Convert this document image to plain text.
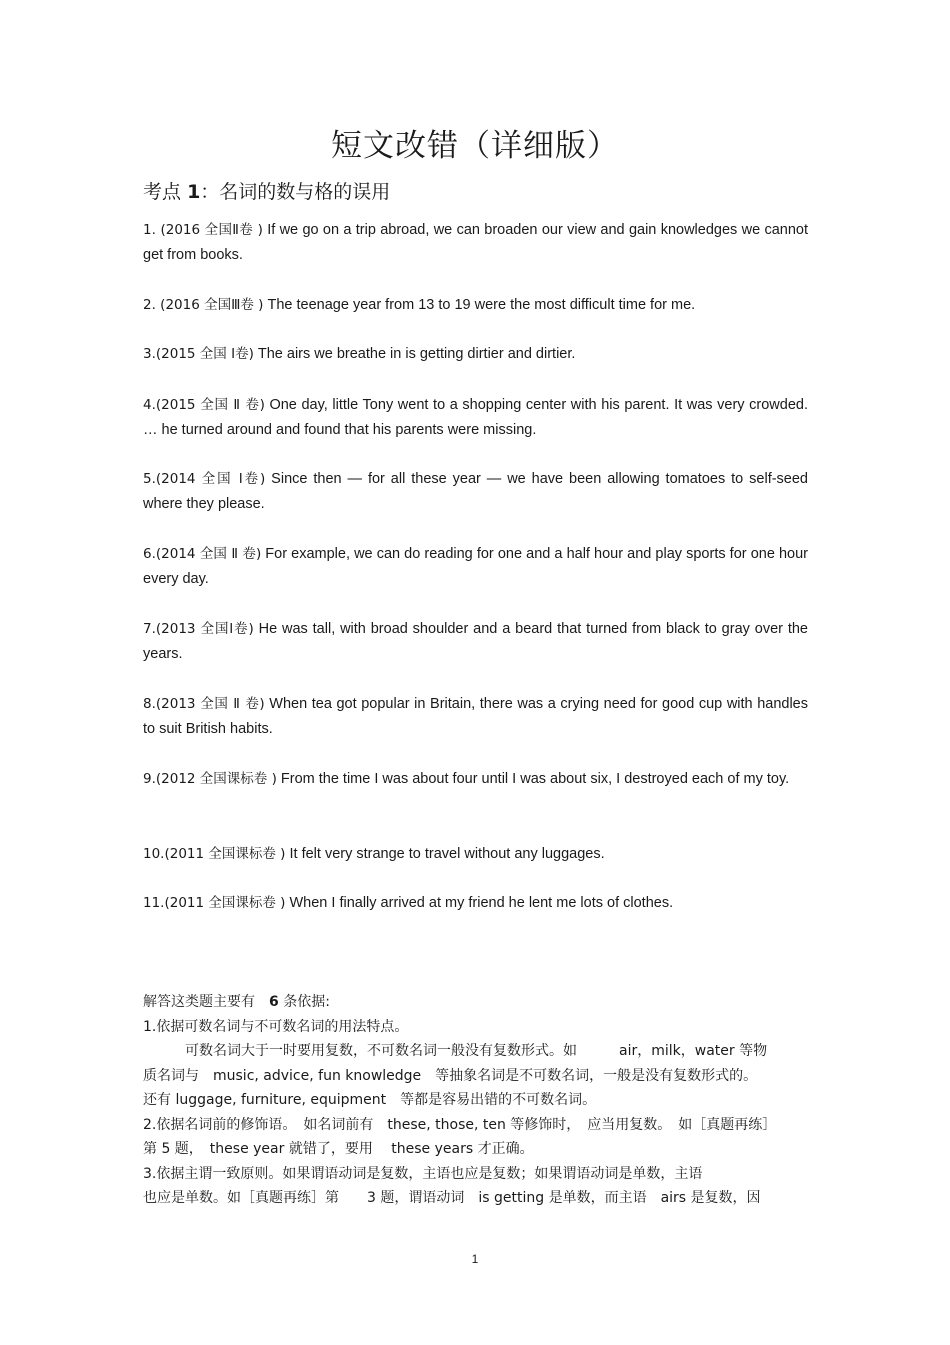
短文改错（详细版）
考点 1：名词的数与格的误用
1. (2016 全国Ⅱ卷 ) If we go on a trip abroad, we can broaden our view and gain knowledges we cannot get from books.
2. (2016 全国Ⅲ卷 ) The teenage year from 13 to 19 were the most difficult time for me.
3.(2015 全国 Ⅰ卷) The airs we breathe in is getting dirtier and dirtier.
4.(2015 全国 Ⅱ 卷) One day, little Tony went to a shopping center with his parent. It was very crowded. … he turned around and found that his parents were missing.
5.(2014 全国 Ⅰ卷) Since then — for all these year — we have been allowing tomatoes to self-seed where they please.
6.(2014 全国 Ⅱ 卷) For example, we can do reading for one and a half hour and play sports for one hour every day.
7.(2013 全国Ⅰ卷) He was tall, with broad shoulder and a beard that turned from black to gray over the years.
8.(2013 全国 Ⅱ 卷) When tea got popular in Britain, there was a crying need for good cup with handles to suit British habits.
9.(2012 全国课标卷 ) From the time I was about four until I was about six, I destroyed each of my toy.
10.(2011 全国课标卷 ) It felt very strange to travel without any luggages.
11.(2011 全国课标卷 ) When I finally arrived at my friend he lent me lots of clothes.
解答这类题主要有　 6 条依据:
1.依据可数名词与不可数名词的用法特点。
可数名词大于一时要用复数，不可数名词一般没有复数形式。如　　　air，milk，water 等物
质名词与　music, advice, fun knowledge　等抽象名词是不可数名词，一般是没有复数形式的。
还有 luggage, furniture, equipment　等都是容易出错的不可数名词。
2.依据名词前的修饰语。　如名词前有　these, those, ten 等修饰时，　应当用复数。　如［真题再练］
第 5 题，　these year 就错了，要用　 these years 才正确。
3.依据主谓一致原则。如果谓语动词是复数，主语也应是复数；如果谓语动词是单数，主语
也应是单数。如［真题再练］第　　3 题，谓语动词　is getting 是单数，而主语　airs 是复数，因
1
